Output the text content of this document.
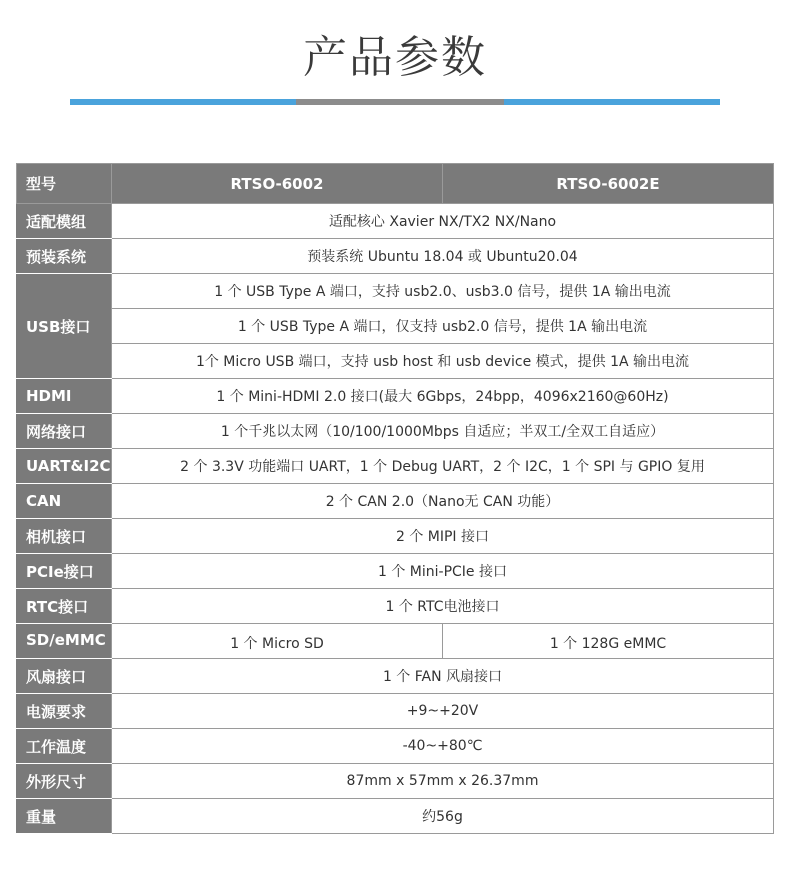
产品参数
型号	RTSO-6002	RTSO-6002E
适配模组	适配核心 Xavier NX/TX2 NX/Nano	
预装系统	预装系统 Ubuntu 18.04 或 Ubuntu20.04	
USB接口	1 个 USB Type A 端口，支持 usb2.0、usb3.0 信号，提供 1A 输出电流	
	1 个 USB Type A 端口，仅支持 usb2.0 信号，提供 1A 输出电流	
	1个 Micro USB 端口，支持 usb host 和 usb device 模式，提供 1A 输出电流	
HDMI	1 个 Mini-HDMI 2.0 接口(最大 6Gbps，24bpp，4096x2160@60Hz)	
网络接口	1 个千兆以太网（10/100/1000Mbps 自适应；半双工/全双工自适应）	
UART&I2C	2 个 3.3V 功能端口 UART，1 个 Debug UART，2 个 I2C，1 个 SPI 与 GPIO 复用	
CAN	2 个 CAN 2.0（Nano无 CAN 功能）	
相机接口	2 个 MIPI 接口	
PCIe接口	1 个 Mini-PCIe 接口	
RTC接口	1 个 RTC电池接口	
SD/eMMC	1 个 Micro SD	1 个 128G eMMC
风扇接口	1 个 FAN 风扇接口	
电源要求	+9~+20V	
工作温度	-40~+80℃	
外形尺寸	87mm x 57mm x 26.37mm	
重量	约56g	
